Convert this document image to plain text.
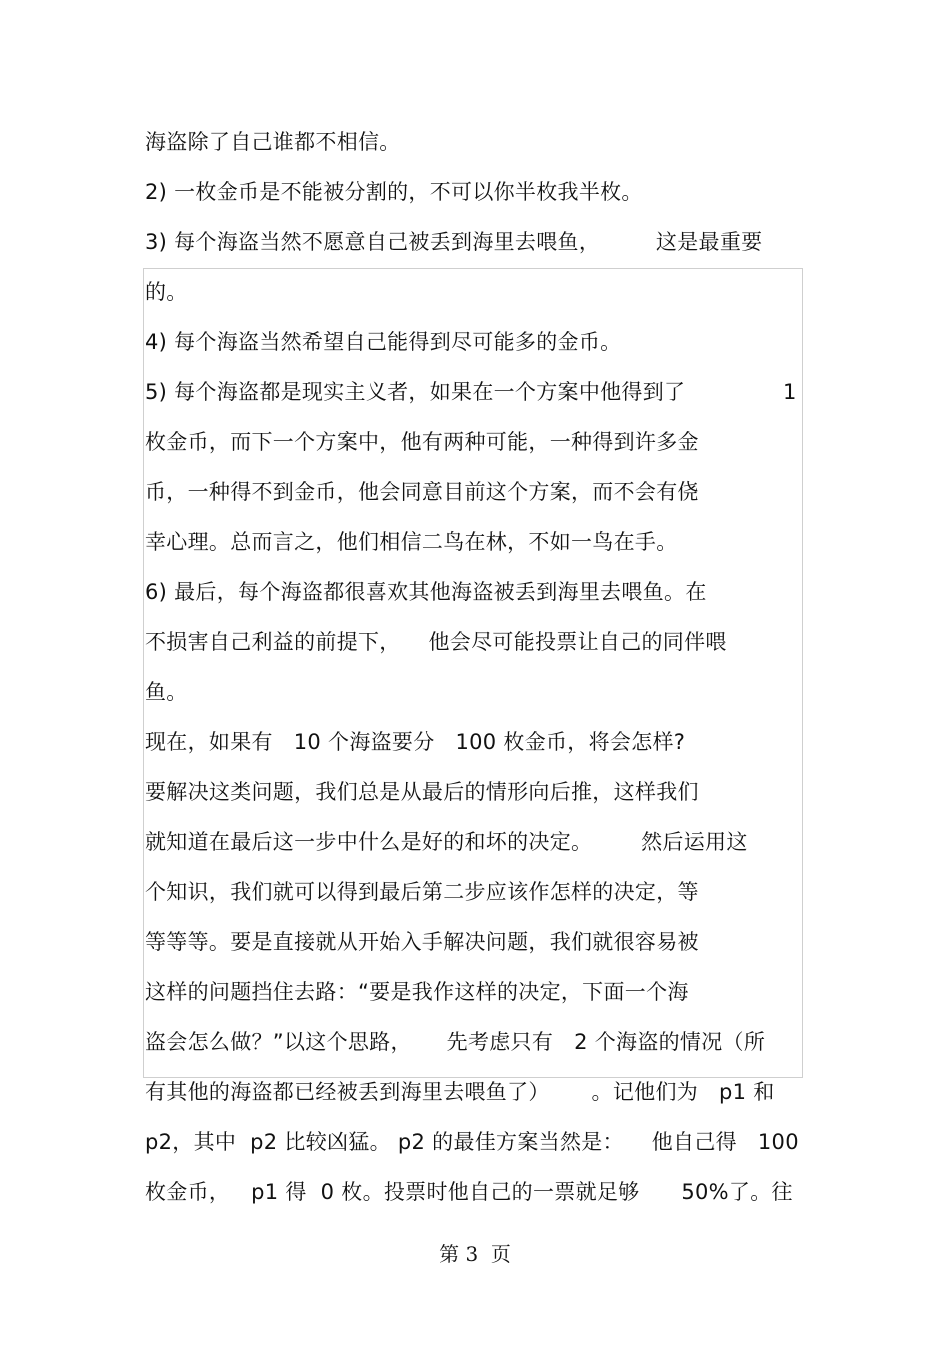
海盗除了自己谁都不相信。
2) 一枚金币是不能被分割的，不可以你半枚我半枚。
3) 每个海盗当然不愿意自己被丢到海里去喂鱼，        这是最重要
的。
4) 每个海盗当然希望自己能得到尽可能多的金币。
5) 每个海盗都是现实主义者，如果在一个方案中他得到了              1
枚金币，而下一个方案中，他有两种可能，一种得到许多金
币，一种得不到金币，他会同意目前这个方案，而不会有侥
幸心理。总而言之，他们相信二鸟在林，不如一鸟在手。
6) 最后，每个海盗都很喜欢其他海盗被丢到海里去喂鱼。在
不损害自己利益的前提下，    他会尽可能投票让自己的同伴喂
鱼。
现在，如果有   10 个海盗要分   100 枚金币，将会怎样?
要解决这类问题，我们总是从最后的情形向后推，这样我们
就知道在最后这一步中什么是好的和坏的决定。       然后运用这
个知识，我们就可以得到最后第二步应该作怎样的决定，等
等等等。要是直接就从开始入手解决问题，我们就很容易被
这样的问题挡住去路：“要是我作这样的决定，下面一个海
盗会怎么做？”以这个思路，     先考虑只有   2 个海盗的情况（所
有其他的海盗都已经被丢到海里去喂鱼了）      。记他们为   p1 和
p2，其中  p2 比较凶猛。 p2 的最佳方案当然是：    他自己得   100
枚金币，   p1 得  0 枚。投票时他自己的一票就足够      50%了。往
第 3  页
